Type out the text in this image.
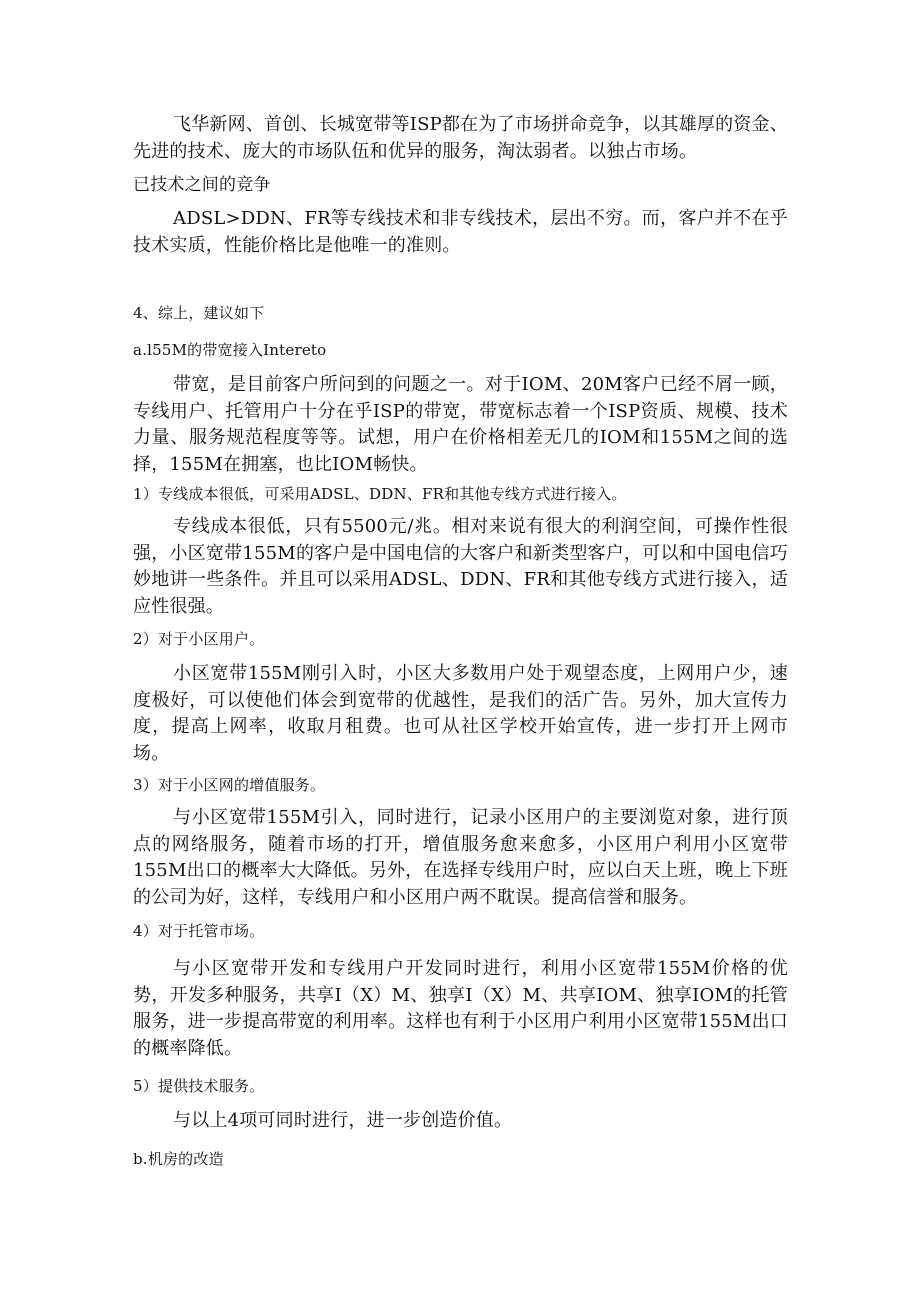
飞华新网、首创、长城宽带等ISP都在为了市场拼命竞争，以其雄厚的资金、先进的技术、庞大的市场队伍和优异的服务，淘汰弱者。以独占市场。

已技术之间的竞争

ADSL>DDN、FR等专线技术和非专线技术，层出不穷。而，客户并不在乎技术实质，性能价格比是他唯一的准则。

4、综上，建议如下

a.l55M的带宽接入Intereto

带宽，是目前客户所问到的问题之一。对于IOM、20M客户已经不屑一顾，专线用户、托管用户十分在乎ISP的带宽，带宽标志着一个ISP资质、规模、技术力量、服务规范程度等等。试想，用户在价格相差无几的IOM和155M之间的选择，155M在拥塞，也比IOM畅快。

1）专线成本很低，可采用ADSL、DDN、FR和其他专线方式进行接入。

专线成本很低，只有5500元/兆。相对来说有很大的利润空间，可操作性很强，小区宽带155M的客户是中国电信的大客户和新类型客户，可以和中国电信巧妙地讲一些条件。并且可以采用ADSL、DDN、FR和其他专线方式进行接入，适应性很强。

2）对于小区用户。

小区宽带155M刚引入时，小区大多数用户处于观望态度，上网用户少，速度极好，可以使他们体会到宽带的优越性，是我们的活广告。另外，加大宣传力度，提高上网率，收取月租费。也可从社区学校开始宣传，进一步打开上网市场。

3）对于小区网的增值服务。

与小区宽带155M引入，同时进行，记录小区用户的主要浏览对象，进行顶点的网络服务，随着市场的打开，增值服务愈来愈多，小区用户利用小区宽带155M出口的概率大大降低。另外，在选择专线用户时，应以白天上班，晚上下班的公司为好，这样，专线用户和小区用户两不耽误。提高信誉和服务。

4）对于托管市场。

与小区宽带开发和专线用户开发同时进行，利用小区宽带155M价格的优势，开发多种服务，共享I（X）M、独享I（X）M、共享IOM、独享IOM的托管服务，进一步提高带宽的利用率。这样也有利于小区用户利用小区宽带155M出口的概率降低。

5）提供技术服务。

与以上4项可同时进行，进一步创造价值。

b.机房的改造
